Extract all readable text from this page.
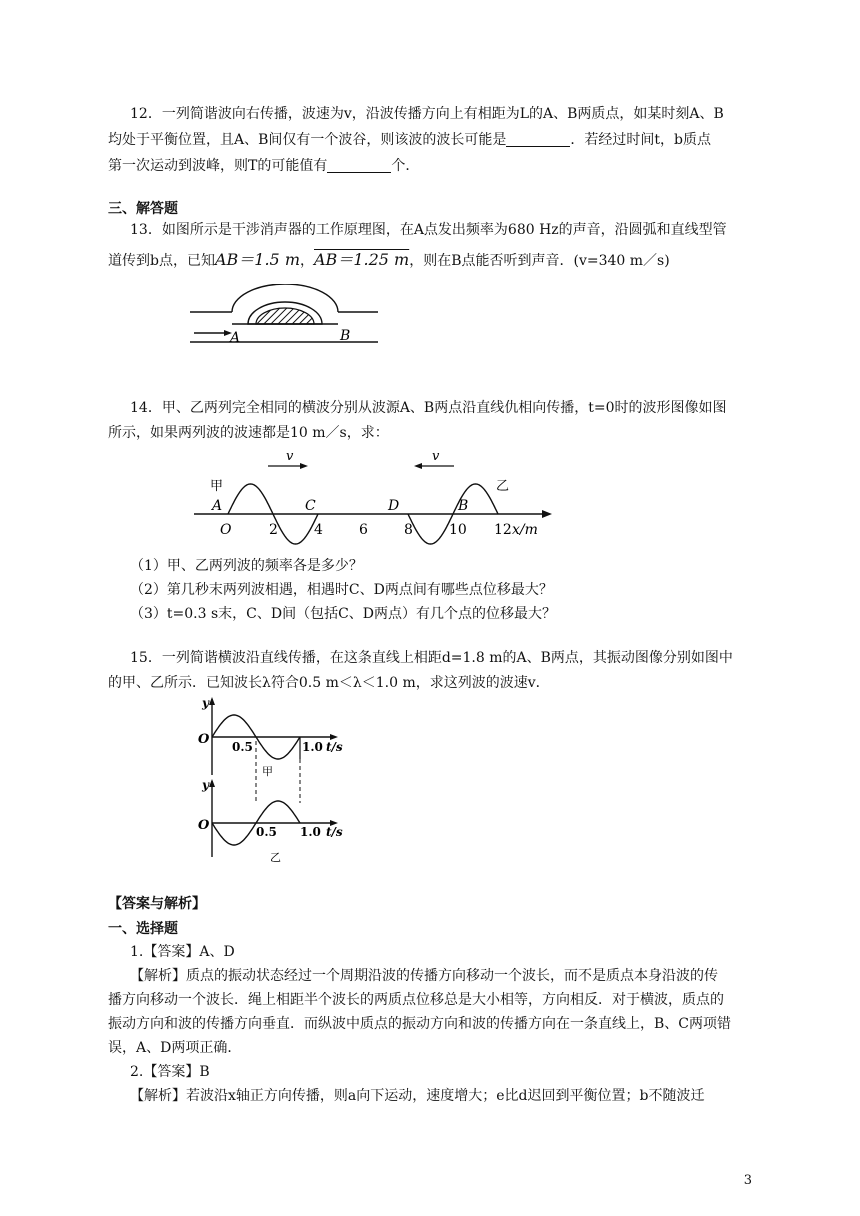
12．一列简谐波向右传播，波速为v，沿波传播方向上有相距为L的A、B两质点，如某时刻A、B
均处于平衡位置，且A、B间仅有一个波谷，则该波的波长可能是	．若经过时间t，b质点
第一次运动到波峰，则T的可能值有	个．
三、解答题
13．如图所示是干涉消声器的工作原理图，在A点发出频率为680 Hz的声音，沿圆弧和直线型管
道传到b点，已知AB＝1.5 m，AB＝1.25 m，则在B点能否听到声音．(v=340 m／s)
A	B
14．甲、乙两列完全相同的横波分别从波源A、B两点沿直线仇相向传播，t=0时的波形图像如图
所示，如果两列波的波速都是10 m／s，求：
v	v
甲	乙
A	C	D	B
O	2	4	6	8	10 12 x/m
（1）甲、乙两列波的频率各是多少？
（2）第几秒末两列波相遇，相遇时C、D两点间有哪些点位移最大？
（3）t=0.3 s末，C、D间（包括C、D两点）有几个点的位移最大？
15．一列简谐横波沿直线传播，在这条直线上相距d=1.8 m的A、B两点，其振动图像分别如图中
的甲、乙所示．已知波长λ符合0.5 m＜λ＜1.0 m，求这列波的波速v．
y
O 0.5	1.0 t/s
甲
y
O	0.5 1.0 t/s
乙
【答案与解析】
一、选择题
1.【答案】A、D
【解析】质点的振动状态经过一个周期沿波的传播方向移动一个波长，而不是质点本身沿波的传
播方向移动一个波长．绳上相距半个波长的两质点位移总是大小相等，方向相反．对于横波，质点的
振动方向和波的传播方向垂直．而纵波中质点的振动方向和波的传播方向在一条直线上，B、C两项错
误，A、D两项正确．
2.【答案】B
【解析】若波沿x轴正方向传播，则a向下运动，速度增大；e比d迟回到平衡位置；b不随波迁
3
